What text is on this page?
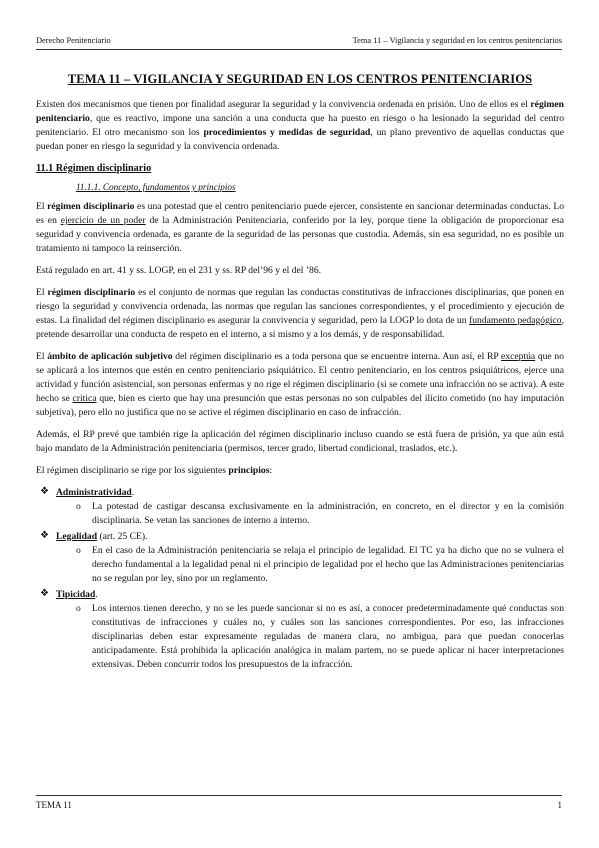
Derecho Penitenciario	Tema 11 – Vigilancia y seguridad en los centros penitenciarios
TEMA 11 – VIGILANCIA Y SEGURIDAD EN LOS CENTROS PENITENCIARIOS

Existen dos mecanismos que tienen por finalidad asegurar la seguridad y la convivencia ordenada en prisión. Uno de ellos es el régimen penitenciario, que es reactivo, impone una sanción a una conducta que ha puesto en riesgo o ha lesionado la seguridad del centro penitenciario. El otro mecanismo son los procedimientos y medidas de seguridad, un plano preventivo de aquellas conductas que puedan poner en riesgo la seguridad y la convivencia ordenada.

11.1 Régimen disciplinario
11.1.1. Concepto, fundamentos y principios

El régimen disciplinario es una potestad que el centro penitenciario puede ejercer, consistente en sancionar determinadas conductas. Lo es en ejercicio de un poder de la Administración Penitenciaria, conferido por la ley, porque tiene la obligación de proporcionar esa seguridad y convivencia ordenada, es garante de la seguridad de las personas que custodia. Además, sin esa seguridad, no es posible un tratamiento ni tampoco la reinserción.

Está regulado en art. 41 y ss. LOGP, en el 231 y ss. RP del’96 y el del ’86.

El régimen disciplinario es el conjunto de normas que regulan las conductas constitutivas de infracciones disciplinarias, que ponen en riesgo la seguridad y convivencia ordenada, las normas que regulan las sanciones correspondientes, y el procedimiento y ejecución de estas. La finalidad del régimen disciplinario es asegurar la convivencia y seguridad, pero la LOGP lo dota de un fundamento pedagógico, pretende desarrollar una conducta de respeto en el interno, a sí mismo y a los demás, y de responsabilidad.

El ámbito de aplicación subjetivo del régimen disciplinario es a toda persona que se encuentre interna. Aun así, el RP exceptúa que no se aplicará a los internos que estén en centro penitenciario psiquiátrico. El centro penitenciario, en los centros psiquiátricos, ejerce una actividad y función asistencial, son personas enfermas y no rige el régimen disciplinario (si se comete una infracción no se activa). A este hecho se critica que, bien es cierto que hay una presunción que estas personas no son culpables del ilícito cometido (no hay imputación subjetiva), pero ello no justifica que no se active el régimen disciplinario en caso de infracción.

Además, el RP prevé que también rige la aplicación del régimen disciplinario incluso cuando se está fuera de prisión, ya que aún está bajo mandato de la Administración penitenciaria (permisos, tercer grado, libertad condicional, traslados, etc.).

El régimen disciplinario se rige por los siguientes principios:

❖ Administratividad.
o La potestad de castigar descansa exclusivamente en la administración, en concreto, en el director y en la comisión disciplinaria. Se vetan las sanciones de interno a interno.
❖ Legalidad (art. 25 CE).
o En el caso de la Administración penitenciaria se relaja el principio de legalidad. El TC ya ha dicho que no se vulnera el derecho fundamental a la legalidad penal ni el principio de legalidad por el hecho que las Administraciones penitenciarias no se regulan por ley, sino por un reglamento.
❖ Tipicidad.
o Los internos tienen derecho, y no se les puede sancionar si no es así, a conocer predeterminadamente qué conductas son constitutivas de infracciones y cuáles no, y cuáles son las sanciones correspondientes. Por eso, las infracciones disciplinarias deben estar expresamente reguladas de manera clara, no ambigua, para que puedan conocerlas anticipadamente. Está prohibida la aplicación analógica in malam partem, no se puede aplicar ni hacer interpretaciones extensivas. Deben concurrir todos los presupuestos de la infracción.
TEMA 11	1
